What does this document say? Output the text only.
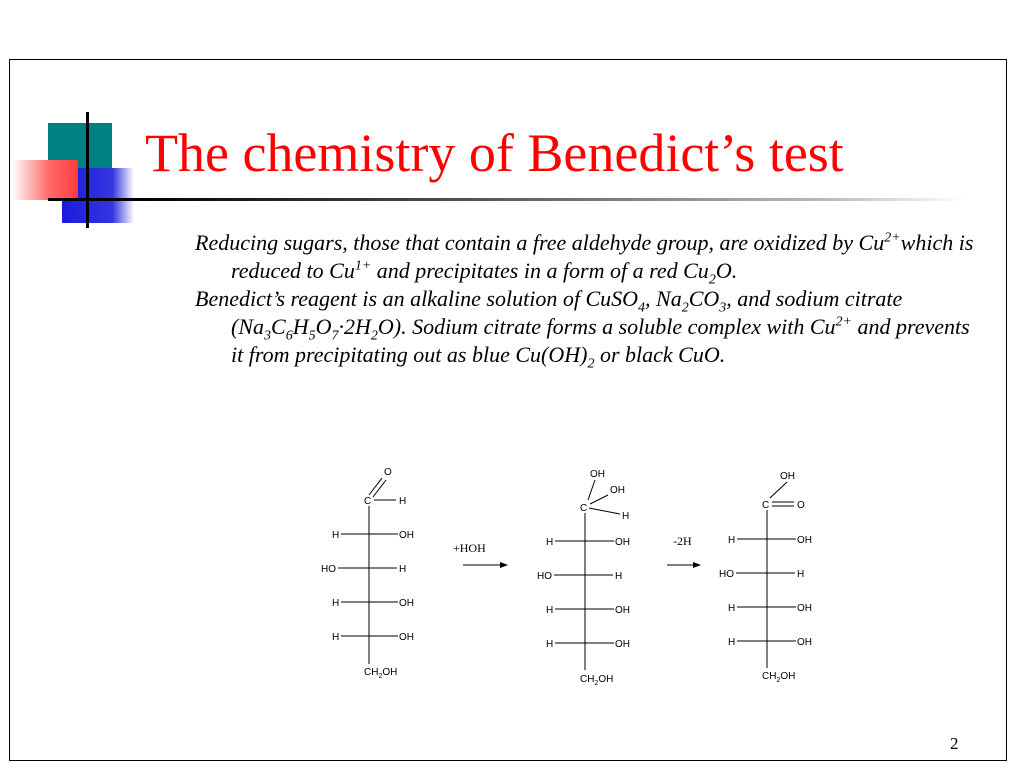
The chemistry of Benedict’s test

Reducing sugars, those that contain a free aldehyde group, are oxidized by $Cu^{2+}which$ is reduced to $Cu^{1+}$ and precipitates in a form of a red $Cu_2O$.

Benedict’s reagent is an alkaline solution of CuSO$_4$, $Na_2CO_3$, and sodium citrate $(Na_3C_6H_5O_7\cdot 2H_2O)$. Sodium citrate forms a soluble complex with $Cu^{2+}$ and prevents it from precipitating out as blue $Cu(OH)_2$ or black CuO.

O
C	H
H	OH
HO	H
H	OH
H	OH
$CH_2OH$
+HOH
OH
OH
C
H
H	OH
HO	H
H	OH
H	OH
$CH_2OH$
-2H
OH
C	O
H	OH
HO	H
H	OH
H	OH
$CH_2OH$
2
